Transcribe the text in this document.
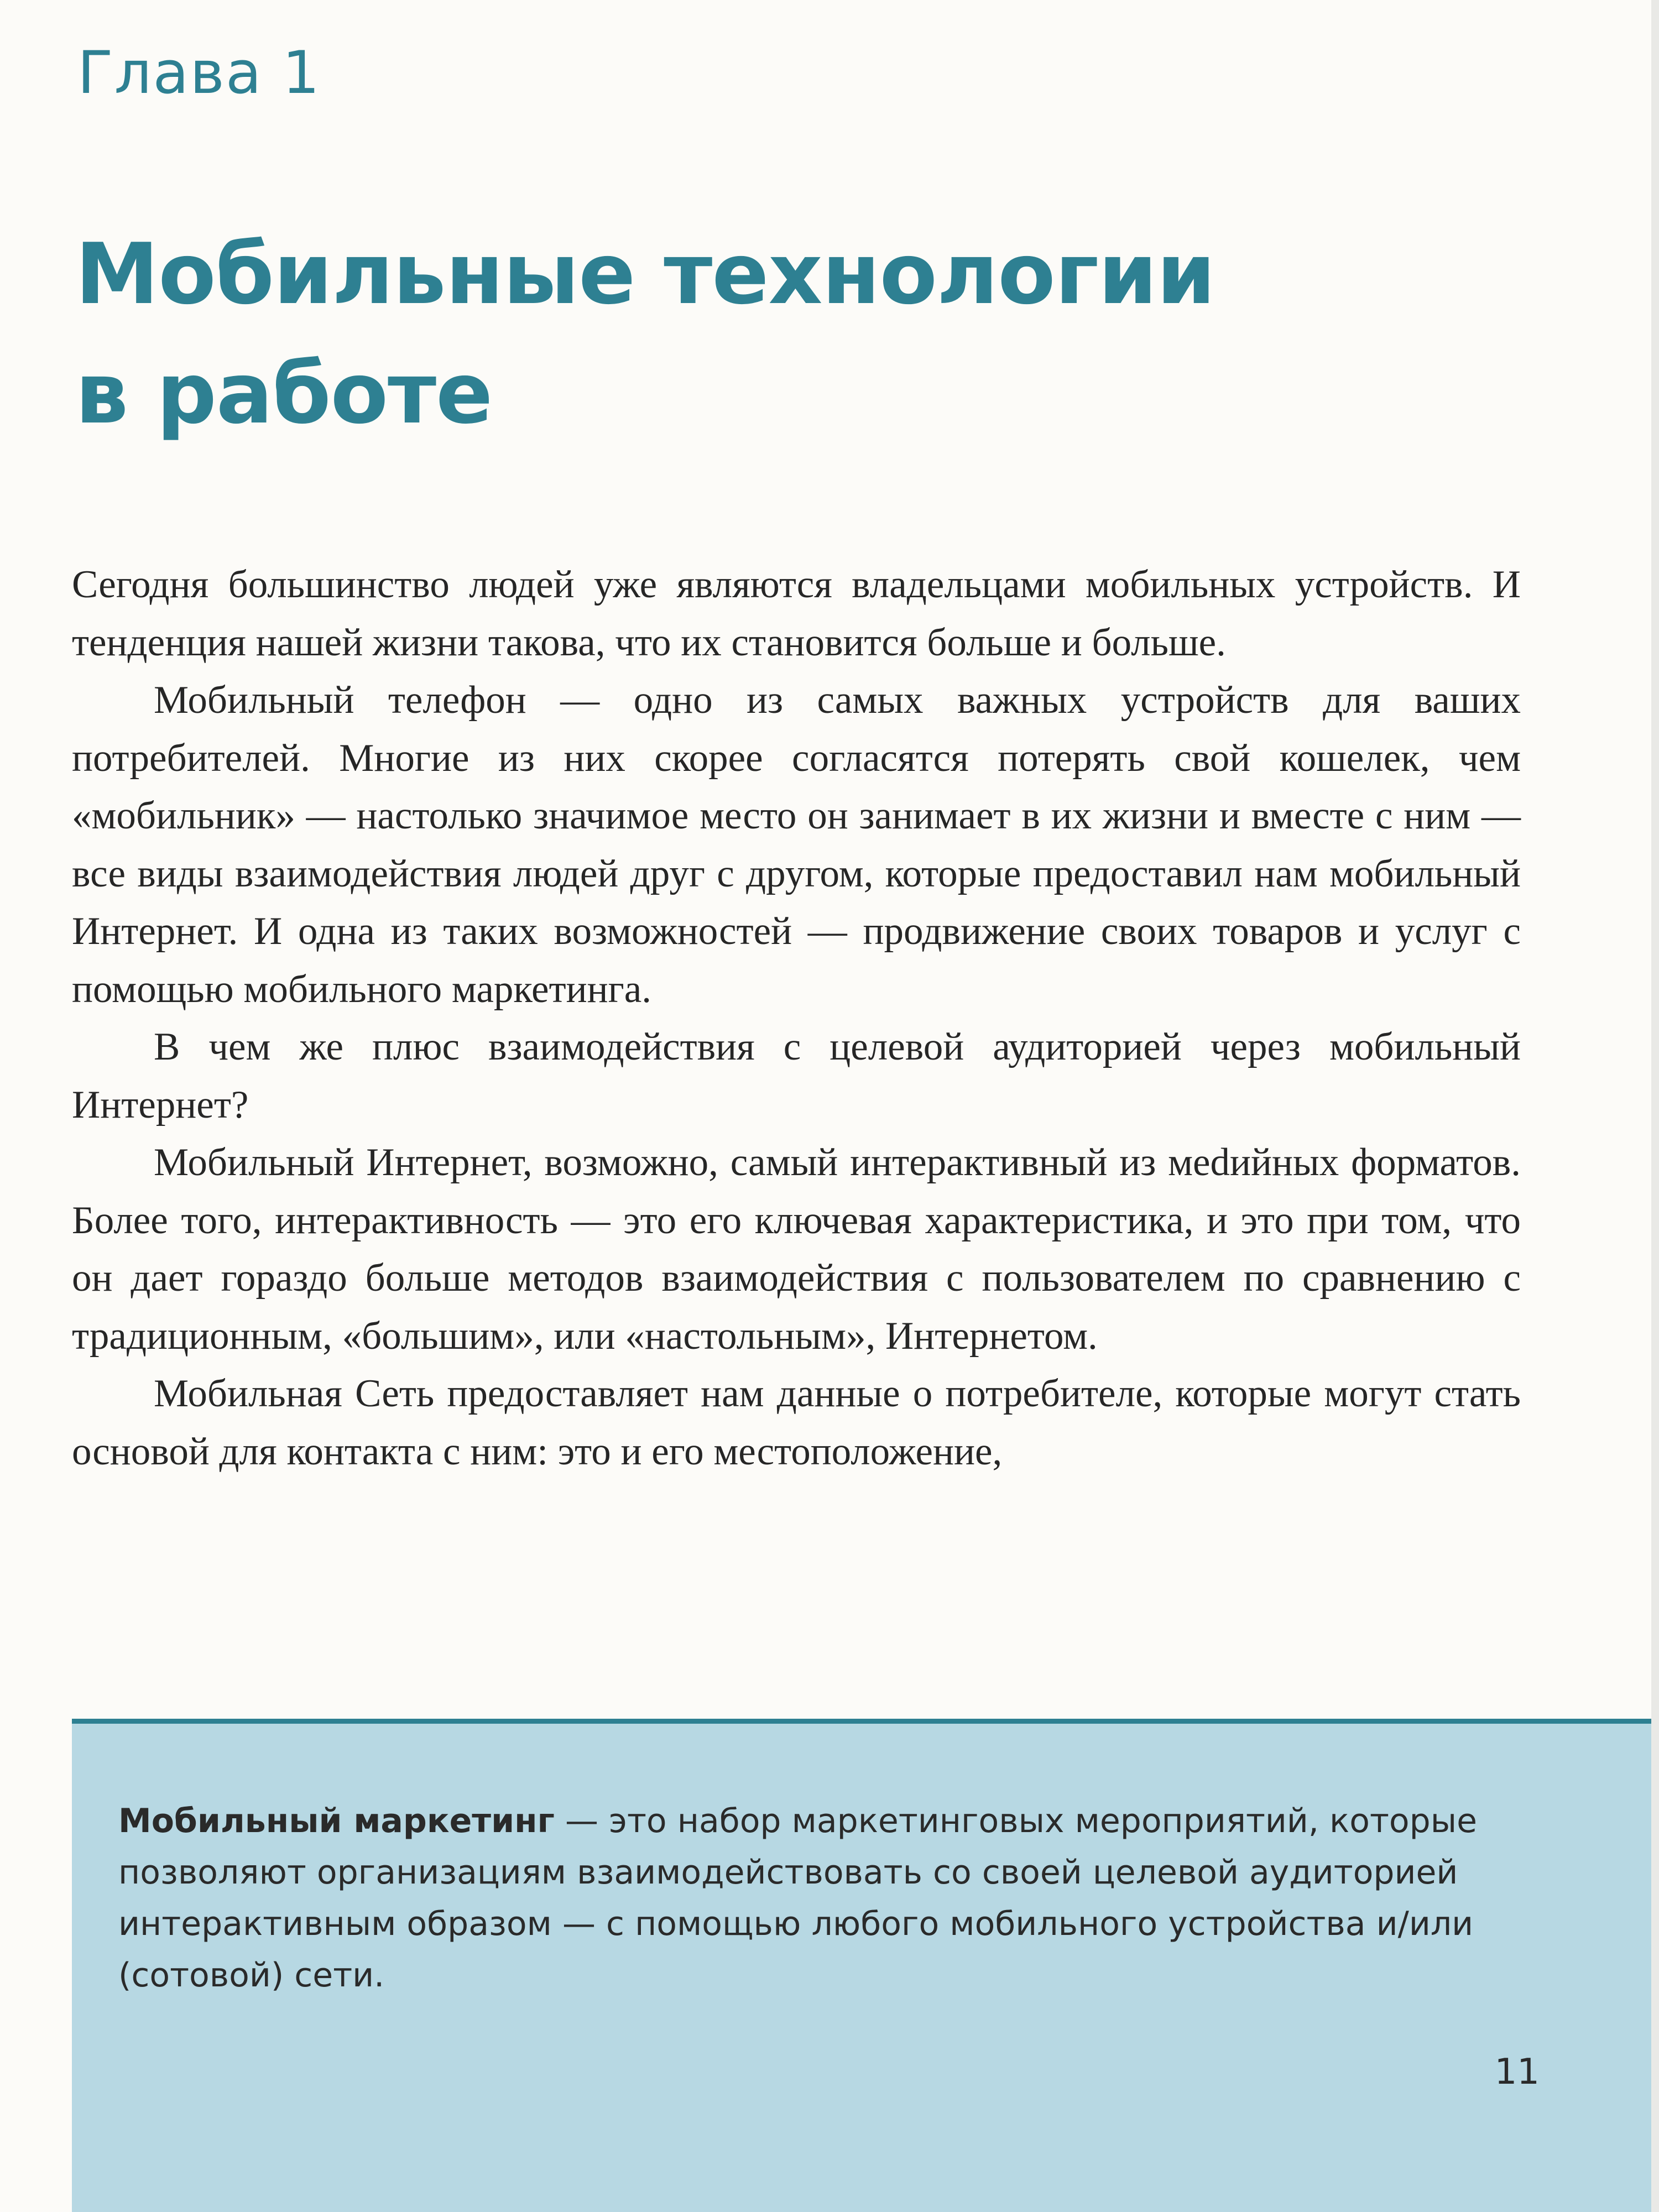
Глава 1
Мобильные технологии
в работе

Сегодня большинство людей уже являются владельцами мобильных устройств. И тенденция нашей жизни такова, что их становится больше и больше.

Мобильный телефон — одно из самых важных устройств для ваших потребителей. Многие из них скорее согласятся потерять свой кошелек, чем «мобильник» — настолько значимое место он занимает в их жизни и вместе с ним — все виды взаимодействия людей друг с другом, которые предоставил нам мобильный Интернет. И одна из таких возможностей — продвижение своих товаров и услуг с помощью мобильного маркетинга.

В чем же плюс взаимодействия с целевой аудиторией через мобильный Интернет?

Мобильный Интернет, возможно, самый интерактивный из меdийных форматов. Более того, интерактивность — это его ключевая характеристика, и это при том, что он дает гораздо больше методов взаимодействия с пользователем по сравнению с традиционным, «большим», или «настольным», Интернетом.

Мобильная Сеть предоставляет нам данные о потребителе, которые могут стать основой для контакта с ним: это и его местоположение,

Мобильный маркетинг — это набор маркетинговых мероприятий, которые позволяют организациям взаимодействовать со своей целевой аудиторией интерактивным образом — с помощью любого мобильного устройства и/или (сотовой) сети.

11
